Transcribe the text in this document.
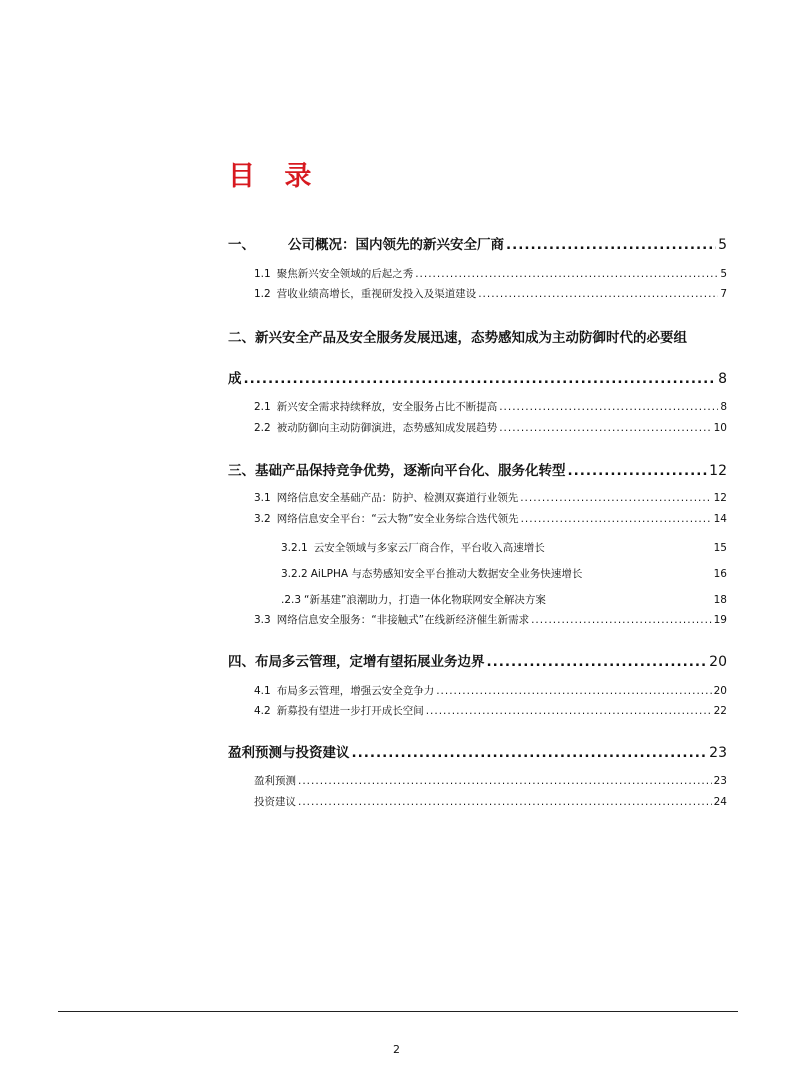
目 录
一、 公司概况：国内领先的新兴安全厂商 .....	5
1.1 聚焦新兴安全领域的后起之秀 .....	5
1.2 营收业绩高增长，重视研发投入及渠道建设 .....	7
二、新兴安全产品及安全服务发展迅速，态势感知成为主动防御时代的必要组
成 .....	8
2.1 新兴安全需求持续释放，安全服务占比不断提高 .....	8
2.2 被动防御向主动防御演进，态势感知成发展趋势 .....	10
三、基础产品保持竞争优势，逐渐向平台化、服务化转型 .....	12
3.1 网络信息安全基础产品：防护、检测双赛道行业领先 .....	12
3.2 网络信息安全平台：“云大物”安全业务综合迭代领先 .....	14
3.2.1 云安全领域与多家云厂商合作，平台收入高速增长	15
3.2.2 AiLPHA 与态势感知安全平台推动大数据安全业务快速增长	16
.2.3 “新基建”浪潮助力，打造一体化物联网安全解决方案	18
3.3 网络信息安全服务：“非接触式”在线新经济催生新需求 .....	19
四、布局多云管理，定增有望拓展业务边界 .....	20
4.1 布局多云管理，增强云安全竞争力 .....	20
4.2 新募投有望进一步打开成长空间 .....	22
盈利预测与投资建议 .....	23
盈利预测 .....	23
投资建议 .....	24
2
